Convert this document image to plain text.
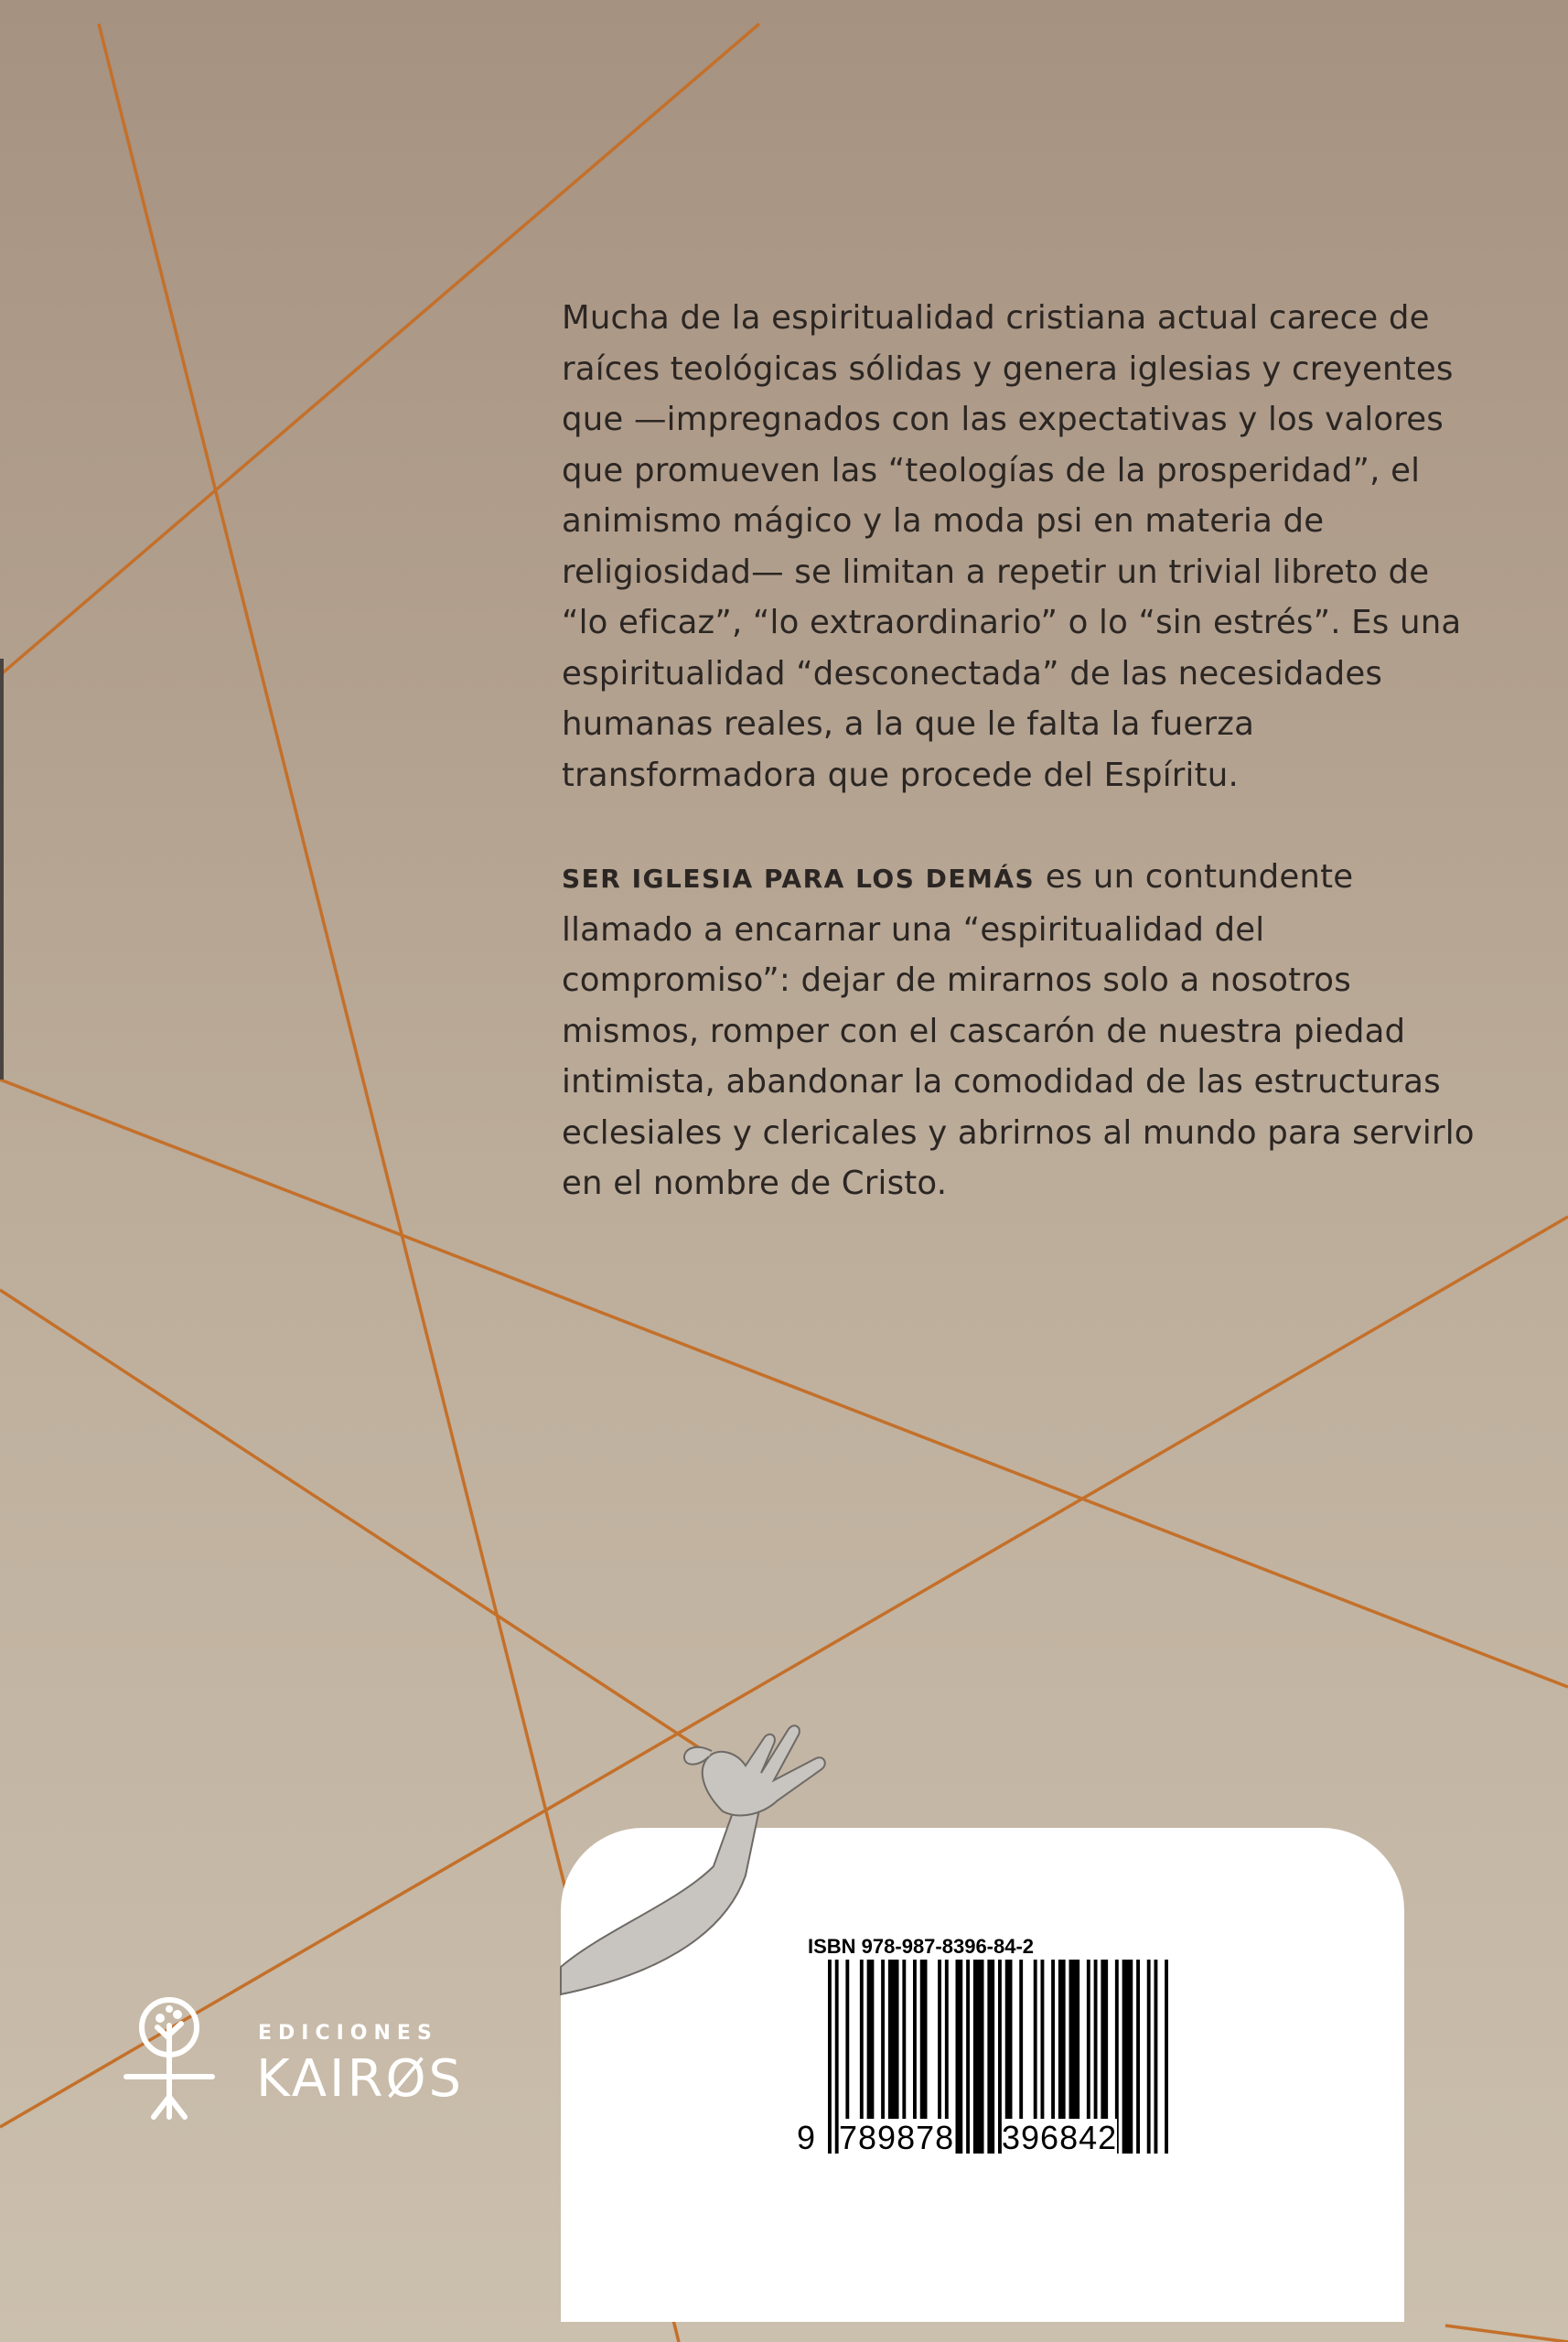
Mucha de la espiritualidad cristiana actual carece de raíces teológicas sólidas y genera iglesias y creyentes que —impregnados con las expectativas y los valores que promueven las “teologías de la prosperidad”, el animismo mágico y la moda psi en materia de religiosidad— se limitan a repetir un trivial libreto de “lo eficaz”, “lo extraordinario” o lo “sin estrés”. Es una espiritualidad “desconectada” de las necesidades humanas reales, a la que le falta la fuerza transformadora que procede del Espíritu.

SER IGLESIA PARA LOS DEMÁS es un contundente llamado a encarnar una “espiritualidad del compromiso”: dejar de mirarnos solo a nosotros mismos, romper con el cascarón de nuestra piedad intimista, abandonar la comodidad de las estructuras eclesiales y clericales y abrirnos al mundo para servirlo en el nombre de Cristo.

EDICIONES
KAIRØS
ISBN 978-987-8396-84-2
9 789878 396842
